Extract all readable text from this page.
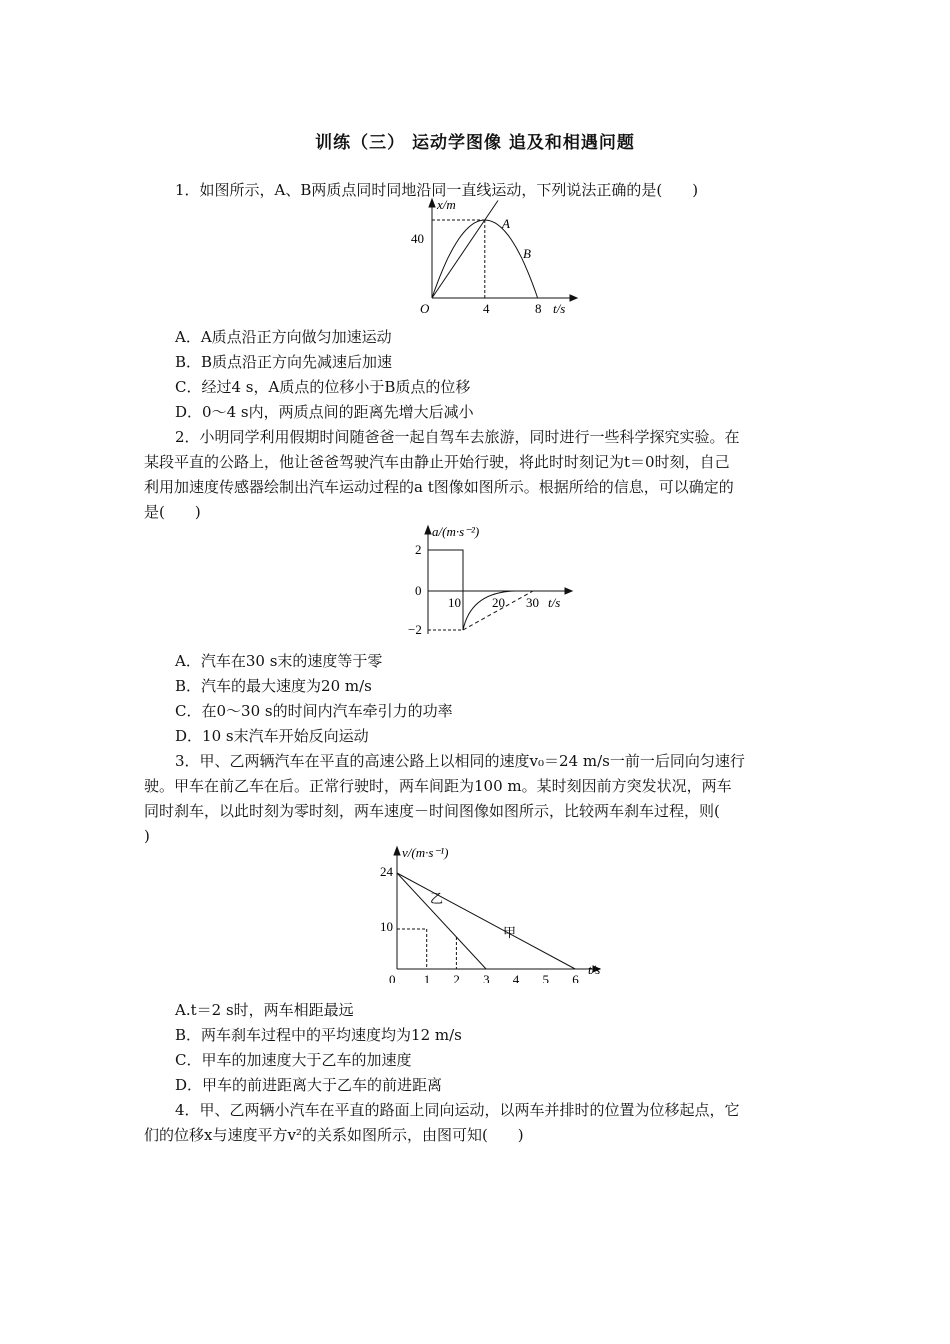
训练（三） 运动学图像 追及和相遇问题
1．如图所示，A、B两质点同时同地沿同一直线运动，下列说法正确的是(　　)
x/m
t/s
40
O	4	8
A
B
A．A质点沿正方向做匀加速运动
B．B质点沿正方向先减速后加速
C．经过4 s，A质点的位移小于B质点的位移
D．0～4 s内，两质点间的距离先增大后减小
2．小明同学利用假期时间随爸爸一起自驾车去旅游，同时进行一些科学探究实验。在
某段平直的公路上，他让爸爸驾驶汽车由静止开始行驶，将此时时刻记为t＝0时刻，自己
利用加速度传感器绘制出汽车运动过程的a t图像如图所示。根据所给的信息，可以确定的
是(　　)
a/(m·s⁻²)
t/s
2
0
−2
10 20 30
A．汽车在30 s末的速度等于零
B．汽车的最大速度为20 m/s
C．在0～30 s的时间内汽车牵引力的功率
D．10 s末汽车开始反向运动
3．甲、乙两辆汽车在平直的高速公路上以相同的速度v₀＝24 m/s一前一后同向匀速行
驶。甲车在前乙车在后。正常行驶时，两车间距为100 m。某时刻因前方突发状况，两车
同时刹车，以此时刻为零时刻，两车速度－时间图像如图所示，比较两车刹车过程，则(
)
v/(m·s⁻¹)
t/s
24
10
乙
甲
0 1 2 3 4 5 6
A.t＝2 s时，两车相距最远
B．两车刹车过程中的平均速度均为12 m/s
C．甲车的加速度大于乙车的加速度
D．甲车的前进距离大于乙车的前进距离
4．甲、乙两辆小汽车在平直的路面上同向运动，以两车并排时的位置为位移起点，它
们的位移x与速度平方v²的关系如图所示，由图可知(　　)
